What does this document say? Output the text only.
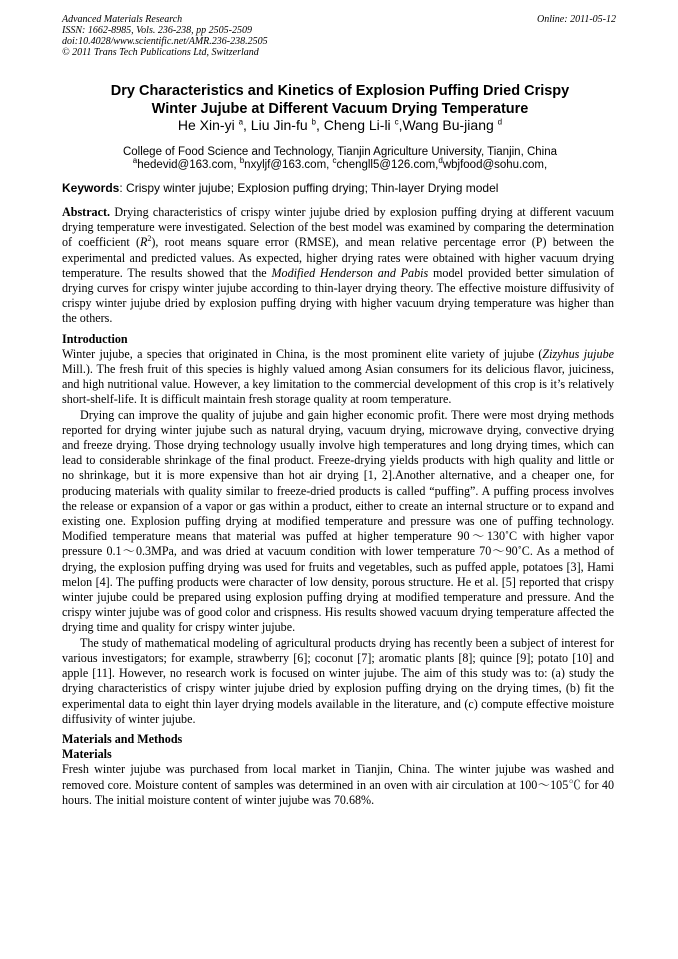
Advanced Materials Research
ISSN: 1662-8985, Vols. 236-238, pp 2505-2509
doi:10.4028/www.scientific.net/AMR.236-238.2505
© 2011 Trans Tech Publications Ltd, Switzerland
Online: 2011-05-12
Dry Characteristics and Kinetics of Explosion Puffing Dried Crispy
Winter Jujube at Different Vacuum Drying Temperature
He Xin-yi $^a$, Liu Jin-fu $^b$, Cheng Li-li $^c$,Wang Bu-jiang $^d$
College of Food Science and Technology, Tianjin Agriculture University, Tianjin, China
$^a$hedevid@163.com, $^b$nxyljf@163.com, $^c$chengll5@126.com,$^d$wbjfood@sohu.com,
Keywords: Crispy winter jujube; Explosion puffing drying; Thin-layer Drying model

Abstract. Drying characteristics of crispy winter jujube dried by explosion puffing drying at different vacuum drying temperature were investigated. Selection of the best model was examined by comparing the determination of coefficient $(R^2)$, root means square error (RMSE), and mean relative percentage error (P) between the experimental and predicted values. As expected, higher drying rates were obtained with higher vacuum drying temperature. The results showed that the Modified Henderson and Pabis model provided better simulation of drying curves for crispy winter jujube according to thin-layer drying theory. The effective moisture diffusivity of crispy winter jujube dried by explosion puffing drying with higher vacuum drying temperature was higher than the others.

Introduction

Winter jujube, a species that originated in China, is the most prominent elite variety of jujube (Zizyhus jujube Mill.). The fresh fruit of this species is highly valued among Asian consumers for its delicious flavor, juiciness, and high nutritional value. However, a key limitation to the commercial development of this crop is it’s relatively short-shelf-life. It is difficult maintain fresh storage quality at room temperature.

Drying can improve the quality of jujube and gain higher economic profit. There were most drying methods reported for drying winter jujube such as natural drying, vacuum drying, microwave drying, convective drying and freeze drying. Those drying technology usually involve high temperatures and long drying times, which can lead to considerable shrinkage of the final product. Freeze-drying yields products with high quality and little or no shrinkage, but it is more expensive than hot air drying [1, 2].Another alternative, and a cheaper one, for producing materials with quality similar to freeze-dried products is called “puffing”. A puffing process involves the release or expansion of a vapor or gas within a product, either to create an internal structure or to expand and existing one. Explosion puffing drying at modified temperature and pressure was one of puffing technology. Modified temperature means that material was puffed at higher temperature 90～130˚C with higher vapor pressure 0.1～0.3MPa, and was dried at vacuum condition with lower temperature 70～90˚C. As a method of drying, the explosion puffing drying was used for fruits and vegetables, such as puffed apple, potatoes [3], Hami melon [4]. The puffing products were character of low density, porous structure. He et al. [5] reported that crispy winter jujube could be prepared using explosion puffing drying at modified temperature and pressure. And the crispy winter jujube was of good color and crispness. His results showed vacuum drying temperature affected the drying time and quality for crispy winter jujube.

The study of mathematical modeling of agricultural products drying has recently been a subject of interest for various investigators; for example, strawberry [6]; coconut [7]; aromatic plants [8]; quince [9]; potato [10] and apple [11]. However, no research work is focused on winter jujube. The aim of this study was to: (a) study the drying characteristics of crispy winter jujube dried by explosion puffing drying on the drying times, (b) fit the experimental data to eight thin layer drying models available in the literature, and (c) compute effective moisture diffusivity of winter jujube.

Materials and Methods
Materials

Fresh winter jujube was purchased from local market in Tianjin, China. The winter jujube was washed and removed core. Moisture content of samples was determined in an oven with air circulation at 100～105℃ for 40 hours. The initial moisture content of winter jujube was 70.68%.
